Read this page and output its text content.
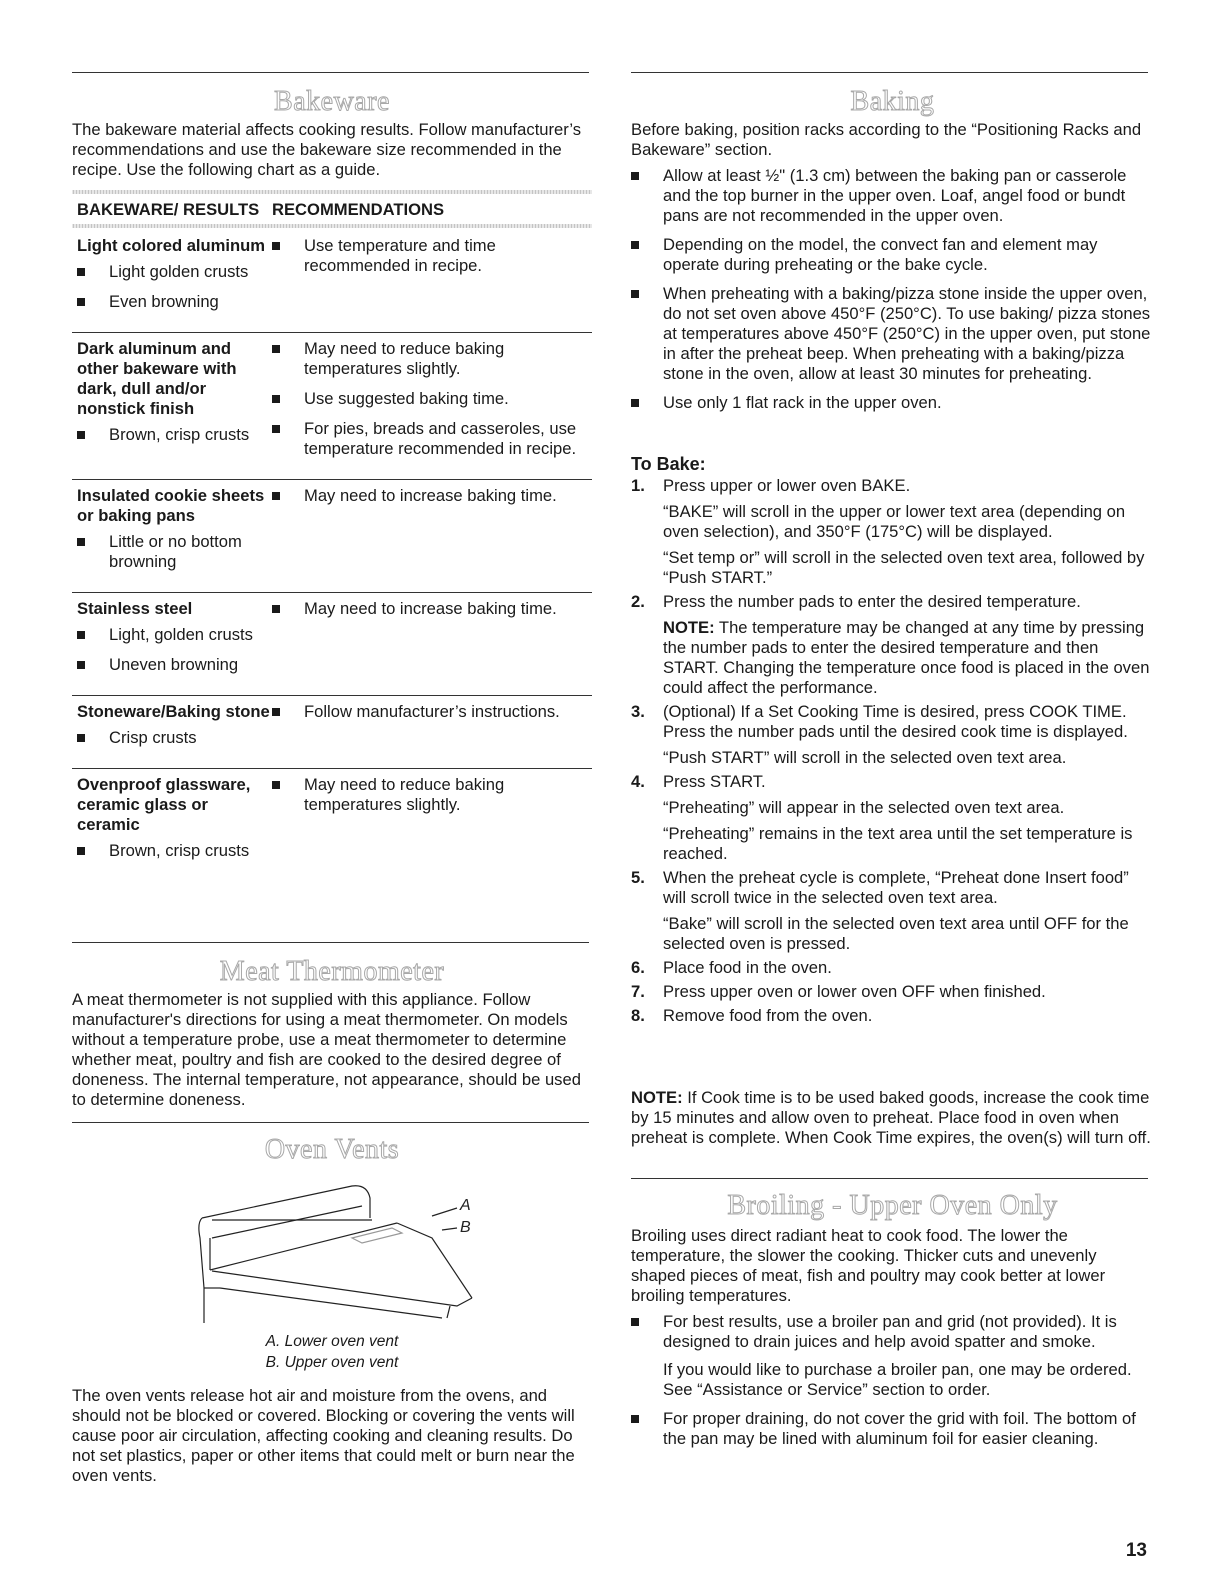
Bakeware
The bakeware material affects cooking results. Follow manufacturer’s recommendations and use the bakeware size recommended in the recipe. Use the following chart as a guide.
BAKEWARE/ RESULTS RECOMMENDATIONS
Light colored aluminum
Light golden crusts
Even browning
Use temperature and time recommended in recipe.
Dark aluminum and other bakeware with dark, dull and/or nonstick finish
Brown, crisp crusts
May need to reduce baking temperatures slightly.
Use suggested baking time.
For pies, breads and casseroles, use temperature recommended in recipe.
Insulated cookie sheets or baking pans
Little or no bottom browning
May need to increase baking time.
Stainless steel
Light, golden crusts
Uneven browning
May need to increase baking time.
Stoneware/Baking stone
Crisp crusts
Follow manufacturer’s instructions.
Ovenproof glassware, ceramic glass or ceramic
Brown, crisp crusts
May need to reduce baking temperatures slightly.
Meat Thermometer
A meat thermometer is not supplied with this appliance. Follow manufacturer's directions for using a meat thermometer. On models without a temperature probe, use a meat thermometer to determine whether meat, poultry and fish are cooked to the desired degree of doneness. The internal temperature, not appearance, should be used to determine doneness.
Oven Vents
A
B
A. Lower oven vent
B. Upper oven vent
The oven vents release hot air and moisture from the ovens, and should not be blocked or covered. Blocking or covering the vents will cause poor air circulation, affecting cooking and cleaning results. Do not set plastics, paper or other items that could melt or burn near the oven vents.
Baking
Before baking, position racks according to the “Positioning Racks and Bakeware” section.
Allow at least ½" (1.3 cm) between the baking pan or casserole and the top burner in the upper oven. Loaf, angel food or bundt pans are not recommended in the upper oven.
Depending on the model, the convect fan and element may operate during preheating or the bake cycle.
When preheating with a baking/pizza stone inside the upper oven, do not set oven above 450°F (250°C). To use baking/ pizza stones at temperatures above 450°F (250°C) in the upper oven, put stone in after the preheat beep. When preheating with a baking/pizza stone in the oven, allow at least 30 minutes for preheating.
Use only 1 flat rack in the upper oven.
To Bake:
1. Press upper or lower oven BAKE.

“BAKE” will scroll in the upper or lower text area (depending on oven selection), and 350°F (175°C) will be displayed.

“Set temp or” will scroll in the selected oven text area, followed by “Push START.”

2. Press the number pads to enter the desired temperature.

NOTE: The temperature may be changed at any time by pressing the number pads to enter the desired temperature and then START. Changing the temperature once food is placed in the oven could affect the performance.

3. (Optional) If a Set Cooking Time is desired, press COOK TIME. Press the number pads until the desired cook time is displayed.

“Push START” will scroll in the selected oven text area.

4. Press START.

“Preheating” will appear in the selected oven text area.

“Preheating” remains in the text area until the set temperature is reached.

5. When the preheat cycle is complete, “Preheat done Insert food” will scroll twice in the selected oven text area.

“Bake” will scroll in the selected oven text area until OFF for the selected oven is pressed.

6. Place food in the oven.

7. Press upper oven or lower oven OFF when finished.

8. Remove food from the oven.

NOTE: If Cook time is to be used baked goods, increase the cook time by 15 minutes and allow oven to preheat. Place food in oven when preheat is complete. When Cook Time expires, the oven(s) will turn off.
Broiling - Upper Oven Only
Broiling uses direct radiant heat to cook food. The lower the temperature, the slower the cooking. Thicker cuts and unevenly shaped pieces of meat, fish and poultry may cook better at lower broiling temperatures.
For best results, use a broiler pan and grid (not provided). It is designed to drain juices and help avoid spatter and smoke.
If you would like to purchase a broiler pan, one may be ordered. See “Assistance or Service” section to order.
For proper draining, do not cover the grid with foil. The bottom of the pan may be lined with aluminum foil for easier cleaning.
13
